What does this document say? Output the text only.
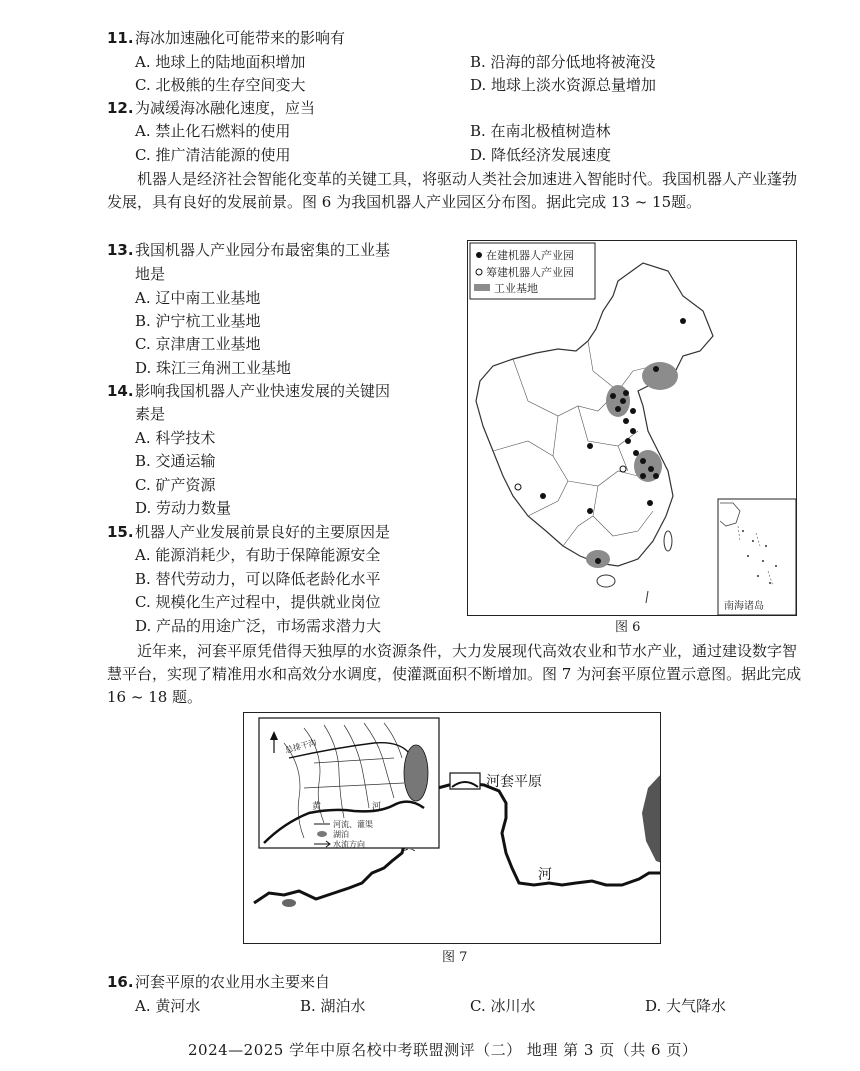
11. 海冰加速融化可能带来的影响有
A. 地球上的陆地面积增加	B. 沿海的部分低地将被淹没
C. 北极熊的生存空间变大	D. 地球上淡水资源总量增加
12. 为减缓海冰融化速度，应当
A. 禁止化石燃料的使用	B. 在南北极植树造林
C. 推广清洁能源的使用	D. 降低经济发展速度
机器人是经济社会智能化变革的关键工具，将驱动人类社会加速进入智能时代。我国机器人产业蓬勃发展，具有良好的发展前景。图 6 为我国机器人产业园区分布图。据此完成 13 ~ 15题。
13. 我国机器人产业园分布最密集的工业基
地是
A. 辽中南工业基地
B. 沪宁杭工业基地
C. 京津唐工业基地
D. 珠江三角洲工业基地
14. 影响我国机器人产业快速发展的关键因
素是
A. 科学技术
B. 交通运输
C. 矿产资源
D. 劳动力数量
15. 机器人产业发展前景良好的主要原因是
A. 能源消耗少，有助于保障能源安全
B. 替代劳动力，可以降低老龄化水平
C. 规模化生产过程中，提供就业岗位
D. 产品的用途广泛，市场需求潜力大
在建机器人产业园
筹建机器人产业园
工业基地
南海诸岛
图 6
近年来，河套平原凭借得天独厚的水资源条件，大力发展现代高效农业和节水产业，通过建设数字智慧平台，实现了精准用水和高效分水调度，使灌溉面积不断增加。图 7 为河套平原位置示意图。据此完成 16 ~ 18 题。
河套平原
河
总排干沟
黄	河
河流、灌渠
湖泊
水流方向
图 7
16. 河套平原的农业用水主要来自
A. 黄河水	B. 湖泊水	C. 冰川水	D. 大气降水
2024—2025 学年中原名校中考联盟测评（二） 地理 第 3 页（共 6 页）
